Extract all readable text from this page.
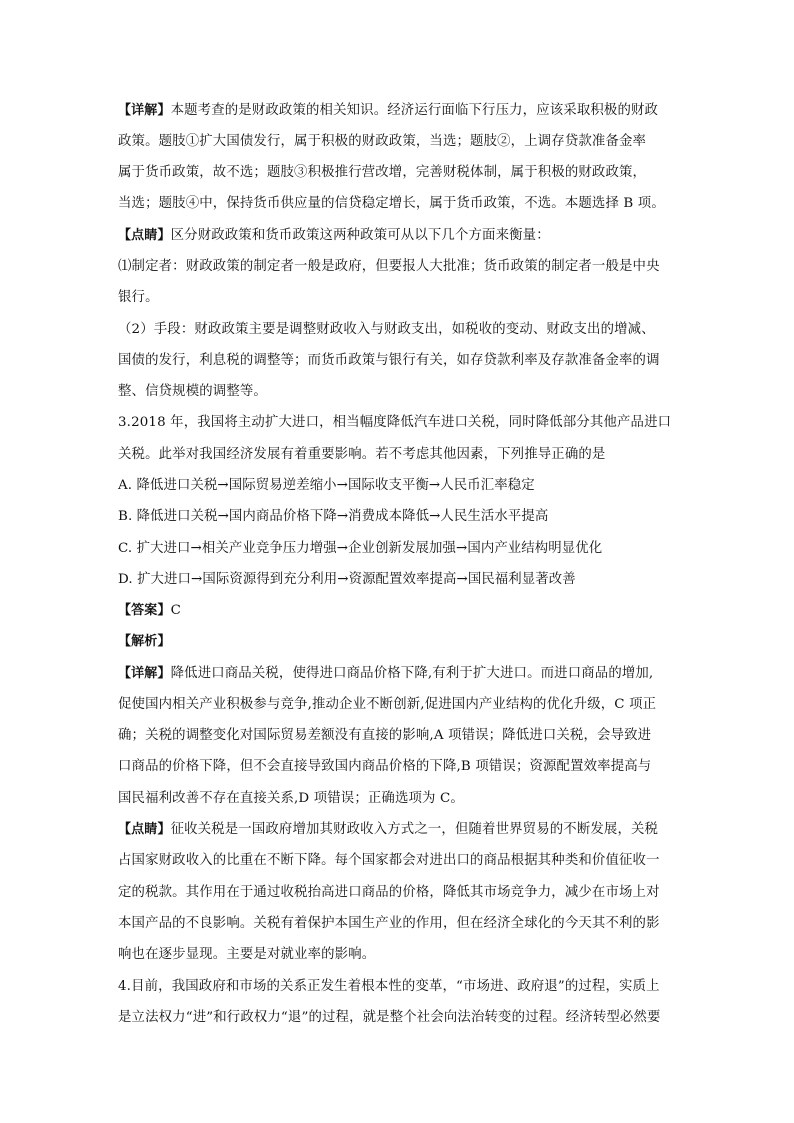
【详解】本题考查的是财政政策的相关知识。经济运行面临下行压力，应该采取积极的财政
政策。题肢①扩大国债发行，属于积极的财政政策，当选；题肢②，上调存贷款准备金率
属于货币政策，故不选；题肢③积极推行营改增，完善财税体制，属于积极的财政政策，
当选；题肢④中，保持货币供应量的信贷稳定增长，属于货币政策，不选。本题选择 B 项。
【点睛】区分财政政策和货币政策这两种政策可从以下几个方面来衡量：
⑴制定者：财政政策的制定者一般是政府，但要报人大批准；货币政策的制定者一般是中央
银行。
（2）手段：财政政策主要是调整财政收入与财政支出，如税收的变动、财政支出的增减、
国债的发行，利息税的调整等；而货币政策与银行有关，如存贷款利率及存款准备金率的调
整、信贷规模的调整等。
3.2018 年，我国将主动扩大进口，相当幅度降低汽车进口关税，同时降低部分其他产品进口
关税。此举对我国经济发展有着重要影响。若不考虑其他因素，下列推导正确的是
A. 降低进口关税→国际贸易逆差缩小→国际收支平衡→人民币汇率稳定
B. 降低进口关税→国内商品价格下降→消费成本降低→人民生活水平提高
C. 扩大进口→相关产业竞争压力增强→企业创新发展加强→国内产业结构明显优化
D. 扩大进口→国际资源得到充分利用→资源配置效率提高→国民福利显著改善
【答案】C
【解析】
【详解】降低进口商品关税，使得进口商品价格下降,有利于扩大进口。而进口商品的增加,
促使国内相关产业积极参与竞争,推动企业不断创新,促进国内产业结构的优化升级，C 项正
确；关税的调整变化对国际贸易差额没有直接的影响,A 项错误；降低进口关税，会导致进
口商品的价格下降，但不会直接导致国内商品价格的下降,B 项错误；资源配置效率提高与
国民福利改善不存在直接关系,D 项错误；正确选项为 C。
【点睛】征收关税是一国政府增加其财政收入方式之一，但随着世界贸易的不断发展，关税
占国家财政收入的比重在不断下降。每个国家都会对进出口的商品根据其种类和价值征收一
定的税款。其作用在于通过收税抬高进口商品的价格，降低其市场竞争力，减少在市场上对
本国产品的不良影响。关税有着保护本国生产业的作用，但在经济全球化的今天其不利的影
响也在逐步显现。主要是对就业率的影响。
4.目前，我国政府和市场的关系正发生着根本性的变革，“市场进、政府退”的过程，实质上
是立法权力“进”和行政权力“退”的过程，就是整个社会向法治转变的过程。经济转型必然要
